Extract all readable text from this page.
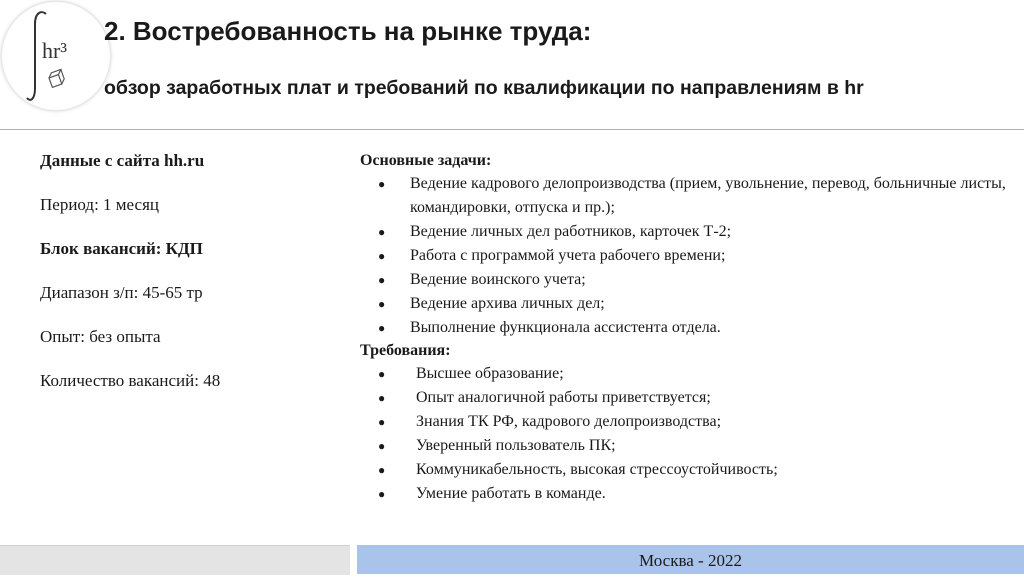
hr³
2. Востребованность на рынке труда:
обзор заработных плат и требований по квалификации по направлениям в hr
Данные с сайта hh.ru
Период: 1 месяц
Блок вакансий: КДП
Диапазон з/п: 45-65 тр
Опыт: без опыта
Количество вакансий: 48
Основные задачи:
● Ведение кадрового делопроизводства (прием, увольнение, перевод, больничные листы, командировки, отпуска и пр.);
● Ведение личных дел работников, карточек Т-2;
● Работа с программой учета рабочего времени;
● Ведение воинского учета;
● Ведение архива личных дел;
● Выполнение функционала ассистента отдела.
Требования:
● Высшее образование;
● Опыт аналогичной работы приветствуется;
● Знания ТК РФ, кадрового делопроизводства;
● Уверенный пользователь ПК;
● Коммуникабельность, высокая стрессоустойчивость;
● Умение работать в команде.
Москва - 2022
